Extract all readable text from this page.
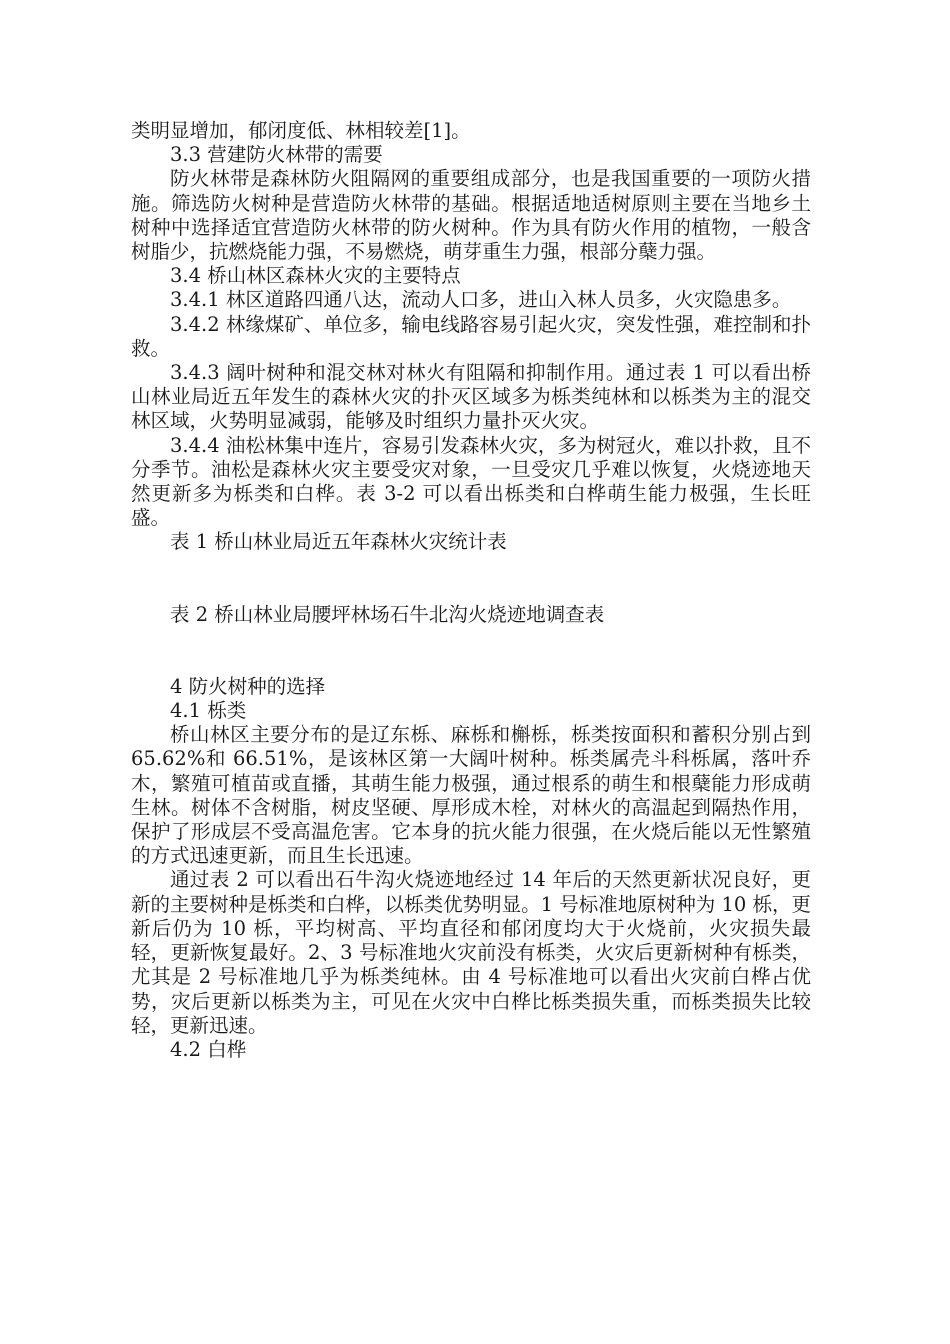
类明显增加，郁闭度低、林相较差[1]。

3.3 营建防火林带的需要

防火林带是森林防火阻隔网的重要组成部分，也是我国重要的一项防火措施。筛选防火树种是营造防火林带的基础。根据适地适树原则主要在当地乡土树种中选择适宜营造防火林带的防火树种。作为具有防火作用的植物，一般含树脂少，抗燃烧能力强，不易燃烧，萌芽重生力强，根部分蘖力强。

3.4 桥山林区森林火灾的主要特点

3.4.1 林区道路四通八达，流动人口多，进山入林人员多，火灾隐患多。

3.4.2 林缘煤矿、单位多，输电线路容易引起火灾，突发性强，难控制和扑救。

3.4.3 阔叶树种和混交林对林火有阻隔和抑制作用。通过表 1 可以看出桥山林业局近五年发生的森林火灾的扑灭区域多为栎类纯林和以栎类为主的混交林区域，火势明显减弱，能够及时组织力量扑灭火灾。

3.4.4 油松林集中连片，容易引发森林火灾，多为树冠火，难以扑救，且不分季节。油松是森林火灾主要受灾对象，一旦受灾几乎难以恢复，火烧迹地天然更新多为栎类和白桦。表 3-2 可以看出栎类和白桦萌生能力极强，生长旺盛。

表 1 桥山林业局近五年森林火灾统计表

表 2 桥山林业局腰坪林场石牛北沟火烧迹地调查表

4 防火树种的选择

4.1 栎类

桥山林区主要分布的是辽东栎、麻栎和槲栎，栎类按面积和蓄积分别占到 65.62%和 66.51%，是该林区第一大阔叶树种。栎类属壳斗科栎属，落叶乔木，繁殖可植苗或直播，其萌生能力极强，通过根系的萌生和根蘖能力形成萌生林。树体不含树脂，树皮坚硬、厚形成木栓，对林火的高温起到隔热作用，保护了形成层不受高温危害。它本身的抗火能力很强，在火烧后能以无性繁殖的方式迅速更新，而且生长迅速。

通过表 2 可以看出石牛沟火烧迹地经过 14 年后的天然更新状况良好，更新的主要树种是栎类和白桦，以栎类优势明显。1 号标准地原树种为 10 栎，更新后仍为 10 栎，平均树高、平均直径和郁闭度均大于火烧前，火灾损失最轻，更新恢复最好。2、3 号标准地火灾前没有栎类，火灾后更新树种有栎类，尤其是 2 号标准地几乎为栎类纯林。由 4 号标准地可以看出火灾前白桦占优势，灾后更新以栎类为主，可见在火灾中白桦比栎类损失重，而栎类损失比较轻，更新迅速。

4.2 白桦
